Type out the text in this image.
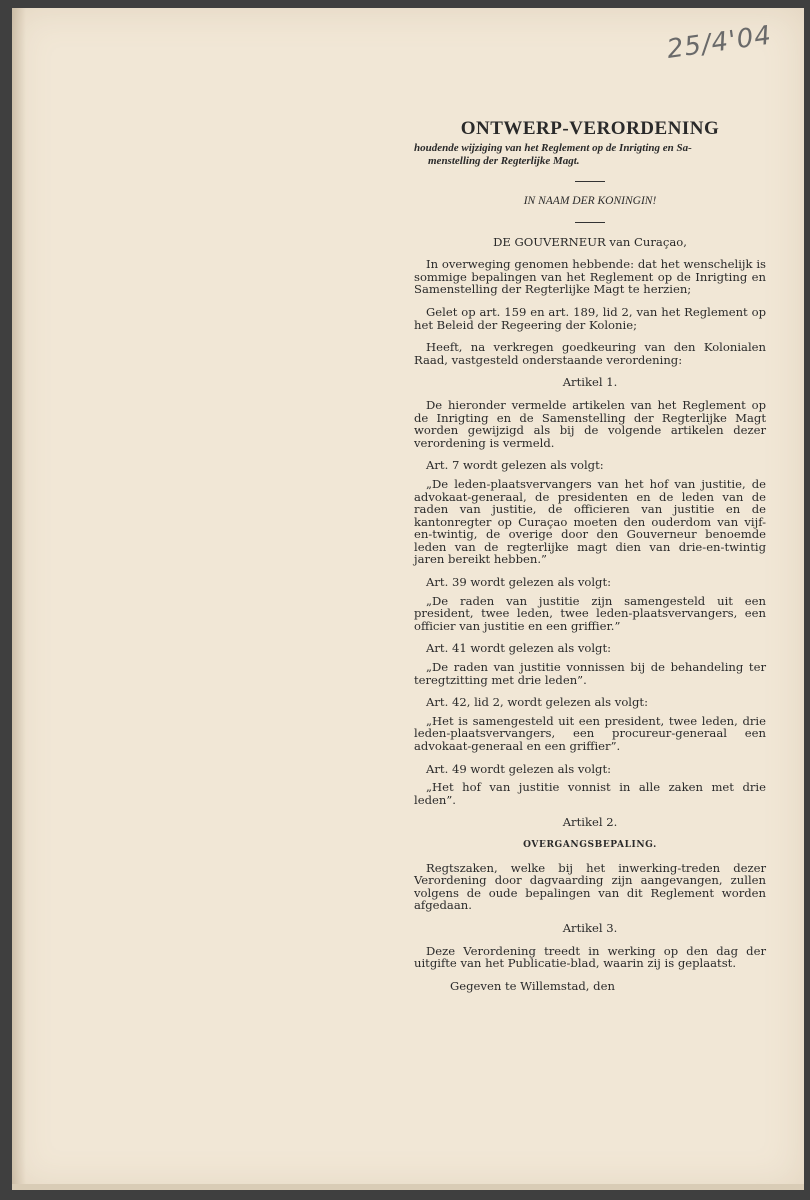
25/4'04
ONTWERP-VERORDENING

houdende wijziging van het Reglement op de Inrigting en Sa-
menstelling der Regterlijke Magt.

IN NAAM DER KONINGIN!

DE GOUVERNEUR van Curaçao,

In overweging genomen hebbende: dat het wenschelijk is sommige bepalingen van het Reglement op de Inrigting en Samenstelling der Regterlijke Magt te herzien;

Gelet op art. 159 en art. 189, lid 2, van het Reglement op het Beleid der Regeering der Kolonie;

Heeft, na verkregen goedkeuring van den Kolonialen Raad, vastgesteld onderstaande verordening:

Artikel 1.

De hieronder vermelde artikelen van het Reglement op de Inrigting en de Samenstelling der Regterlijke Magt worden gewijzigd als bij de volgende artikelen dezer verordening is vermeld.

Art. 7 wordt gelezen als volgt:

„De leden-plaatsvervangers van het hof van justitie, de advokaat-generaal, de presidenten en de leden van de raden van justitie, de officieren van justitie en de kantonregter op Curaçao moeten den ouderdom van vijf-en-twintig, de overige door den Gouverneur benoemde leden van de regterlijke magt dien van drie-en-twintig jaren bereikt hebben.”

Art. 39 wordt gelezen als volgt:

„De raden van justitie zijn samengesteld uit een president, twee leden, twee leden-plaatsvervangers, een officier van justitie en een griffier.”

Art. 41 wordt gelezen als volgt:

„De raden van justitie vonnissen bij de behandeling ter teregtzitting met drie leden”.

Art. 42, lid 2, wordt gelezen als volgt:

„Het is samengesteld uit een president, twee leden, drie leden-plaatsvervangers, een procureur-generaal een advokaat-generaal en een griffier”.

Art. 49 wordt gelezen als volgt:

„Het hof van justitie vonnist in alle zaken met drie leden”.

Artikel 2.

OVERGANGSBEPALING.

Regtszaken, welke bij het inwerking-treden dezer Verordening door dagvaarding zijn aangevangen, zullen volgens de oude bepalingen van dit Reglement worden afgedaan.

Artikel 3.

Deze Verordening treedt in werking op den dag der uitgifte van het Publicatie-blad, waarin zij is geplaatst.

Gegeven te Willemstad, den
